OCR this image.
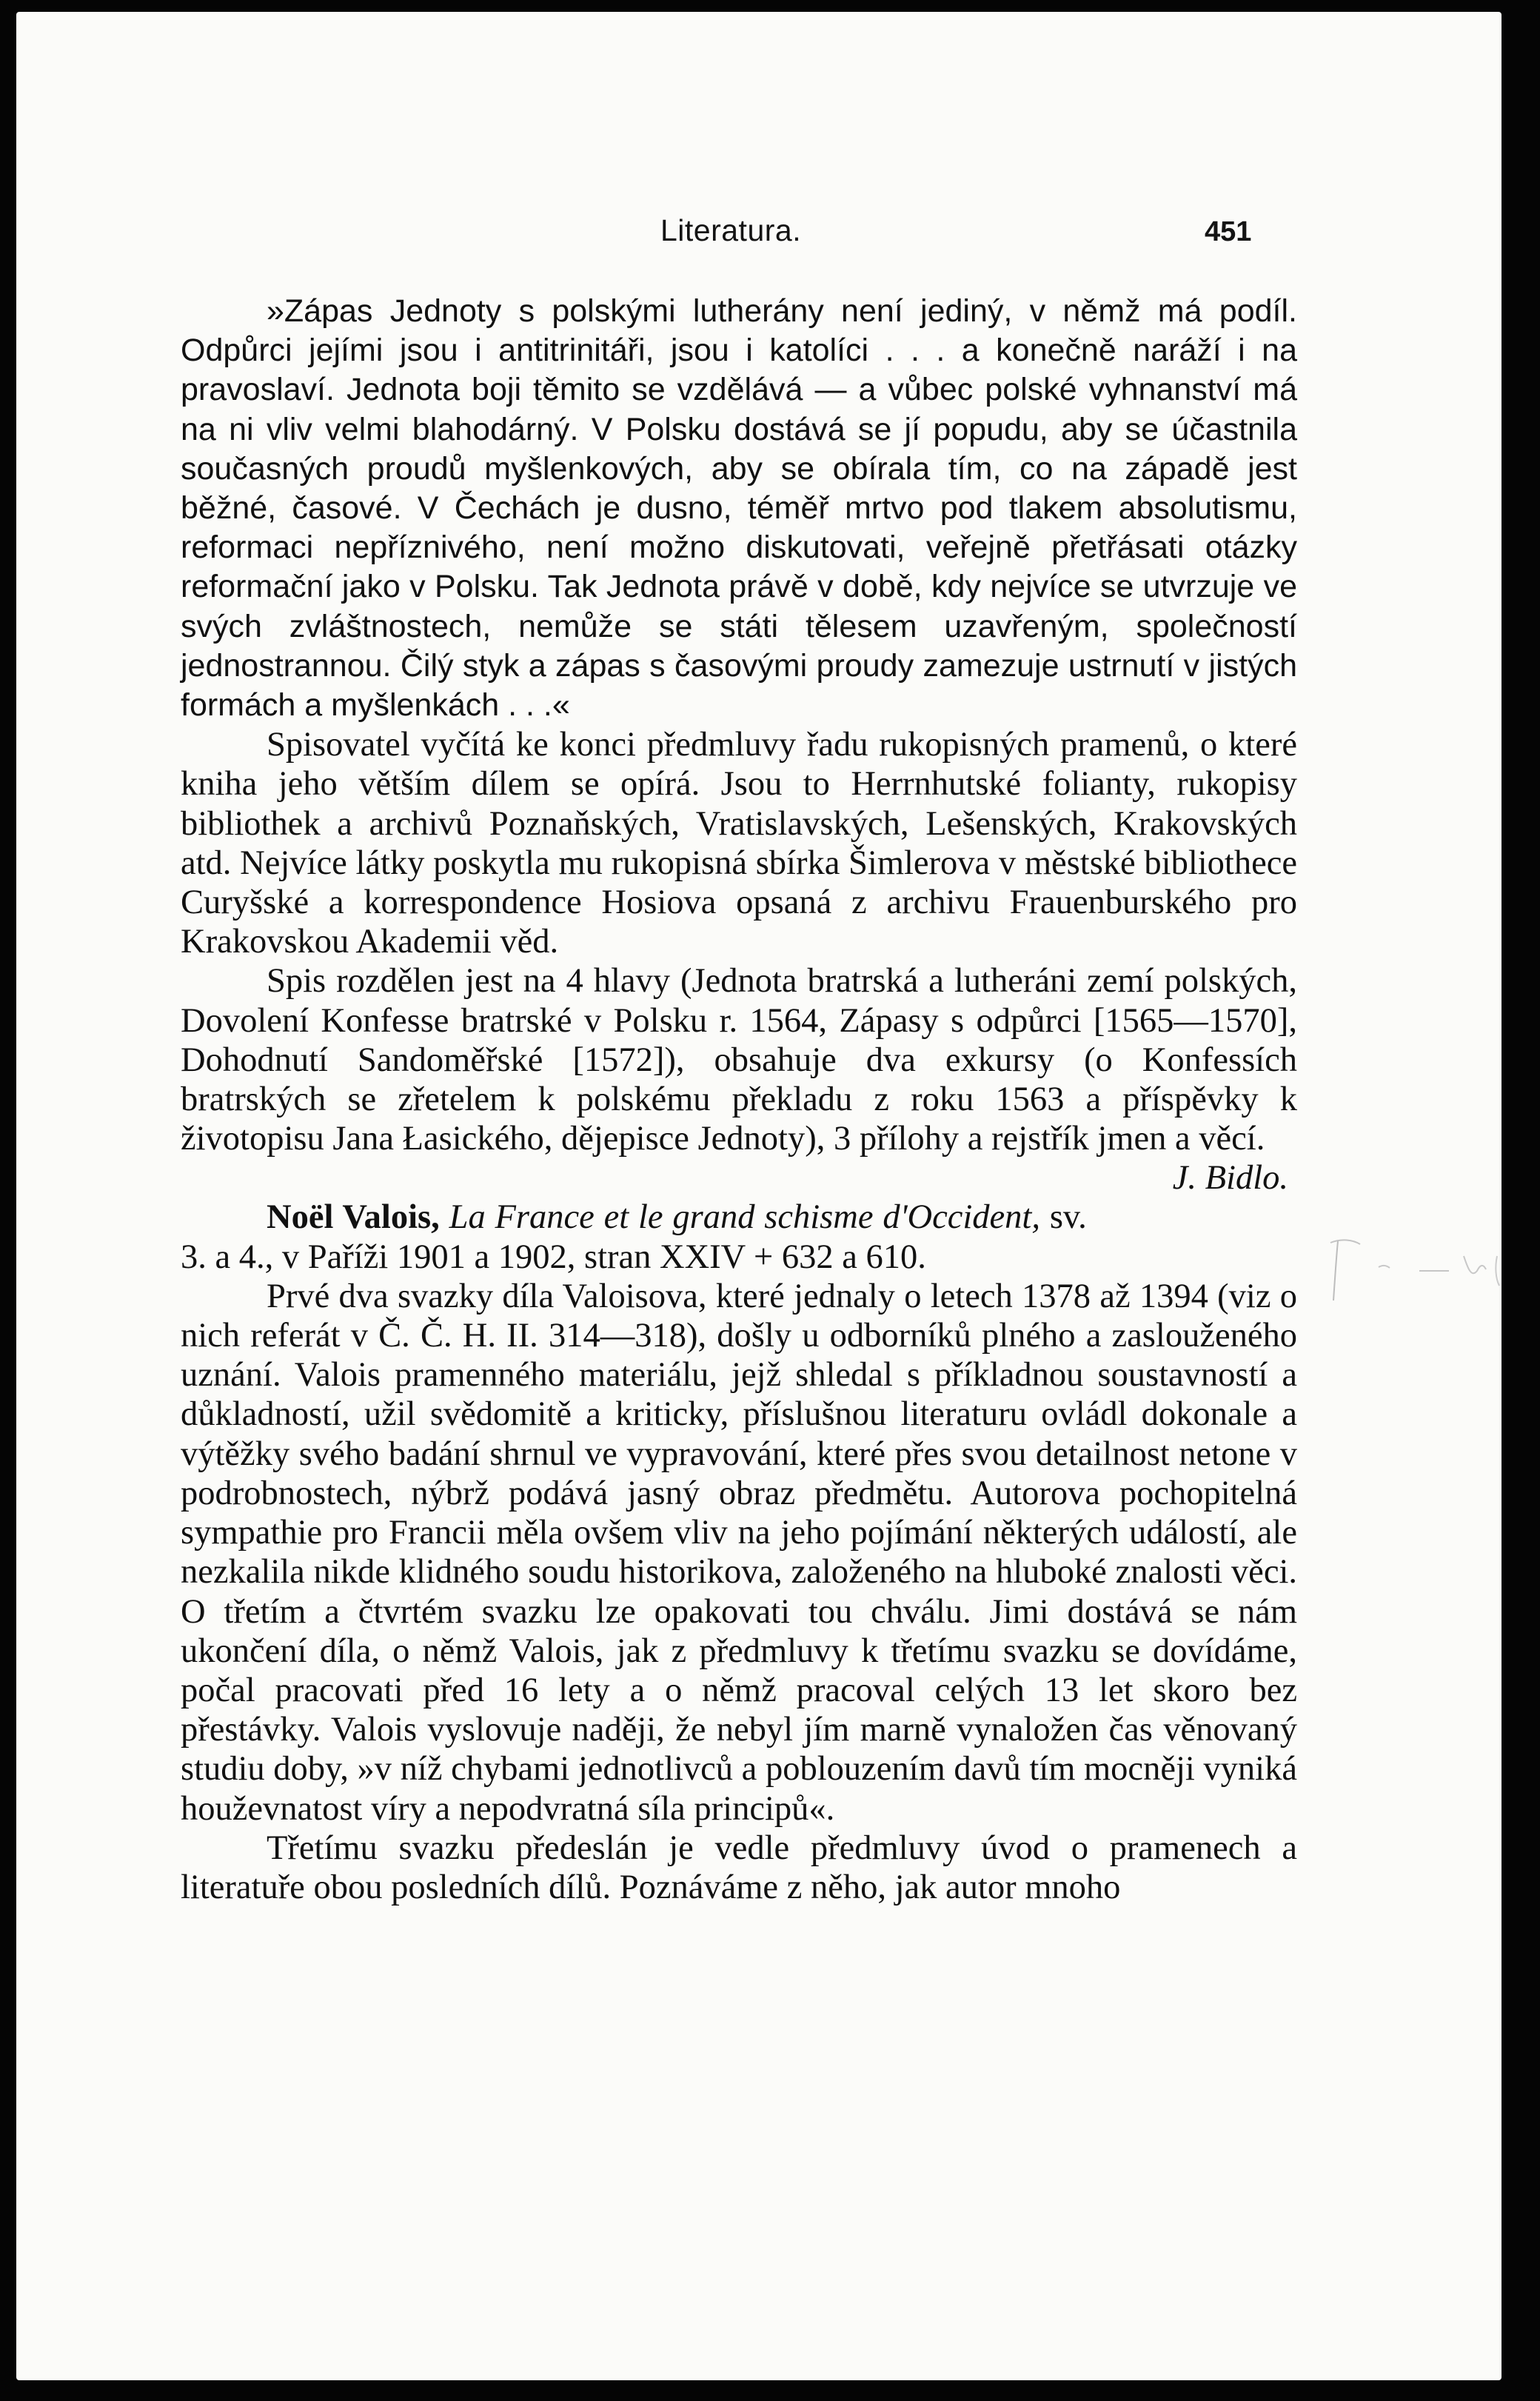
Literatura.	451

»Zápas Jednoty s polskými lutherány není jediný, v němž má podíl. Odpůrci jejími jsou i antitrinitáři, jsou i katolíci . . . a konečně naráží i na pravoslaví. Jednota boji těmito se vzdělává — a vůbec polské vyhnanství má na ni vliv velmi blahodárný. V Polsku dostává se jí popudu, aby se účastnila současných proudů myšlenkových, aby se obírala tím, co na západě jest běžné, časové. V Čechách je dusno, téměř mrtvo pod tlakem absolutismu, reformaci nepříznivého, není možno diskutovati, veřejně přetřásati otázky reformační jako v Polsku. Tak Jednota právě v době, kdy nejvíce se utvrzuje ve svých zvláštnostech, nemůže se státi tělesem uzavřeným, společností jednostrannou. Čilý styk a zápas s časovými proudy zamezuje ustrnutí v jistých formách a myšlenkách . . .«

Spisovatel vyčítá ke konci předmluvy řadu rukopisných pramenů, o které kniha jeho větším dílem se opírá. Jsou to Herrnhutské folianty, rukopisy bibliothek a archivů Poznaňských, Vratislavských, Lešenských, Krakovských atd. Nejvíce látky poskytla mu rukopisná sbírka Šimlerova v městské bibliothece Curyšské a korrespondence Hosiova opsaná z archivu Frauenburského pro Krakovskou Akademii věd.

Spis rozdělen jest na 4 hlavy (Jednota bratrská a lutheráni zemí polských, Dovolení Konfesse bratrské v Polsku r. 1564, Zápasy s odpůrci [1565—1570], Dohodnutí Sandoměřské [1572]), obsahuje dva exkursy (o Konfessích bratrských se zřetelem k polskému překladu z roku 1563 a příspěvky k životopisu Jana Łasického, dějepisce Jednoty), 3 přílohy a rejstřík jmen a věcí.
J. Bidlo.

Noël Valois, La France et le grand schisme d'Occident, sv. 3. a 4., v Paříži 1901 a 1902, stran XXIV + 632 a 610.

Prvé dva svazky díla Valoisova, které jednaly o letech 1378 až 1394 (viz o nich referát v Č. Č. H. II. 314—318), došly u odborníků plného a zaslouženého uznání. Valois pramenného materiálu, jejž shledal s příkladnou soustavností a důkladností, užil svědomitě a kriticky, příslušnou literaturu ovládl dokonale a výtěžky svého badání shrnul ve vypravování, které přes svou detailnost netone v podrobnostech, nýbrž podává jasný obraz předmětu. Autorova pochopitelná sympathie pro Francii měla ovšem vliv na jeho pojímání některých událostí, ale nezkalila nikde klidného soudu historikova, založeného na hluboké znalosti věci. O třetím a čtvrtém svazku lze opakovati tou chválu. Jimi dostává se nám ukončení díla, o němž Valois, jak z předmluvy k třetímu svazku se dovídáme, počal pracovati před 16 lety a o němž pracoval celých 13 let skoro bez přestávky. Valois vyslovuje naději, že nebyl jím marně vynaložen čas věnovaný studiu doby, »v níž chybami jednotlivců a poblouzením davů tím mocněji vyniká houževnatost víry a nepodvratná síla principů«.

Třetímu svazku předeslán je vedle předmluvy úvod o pramenech a literatuře obou posledních dílů. Poznáváme z něho, jak autor mnoho
